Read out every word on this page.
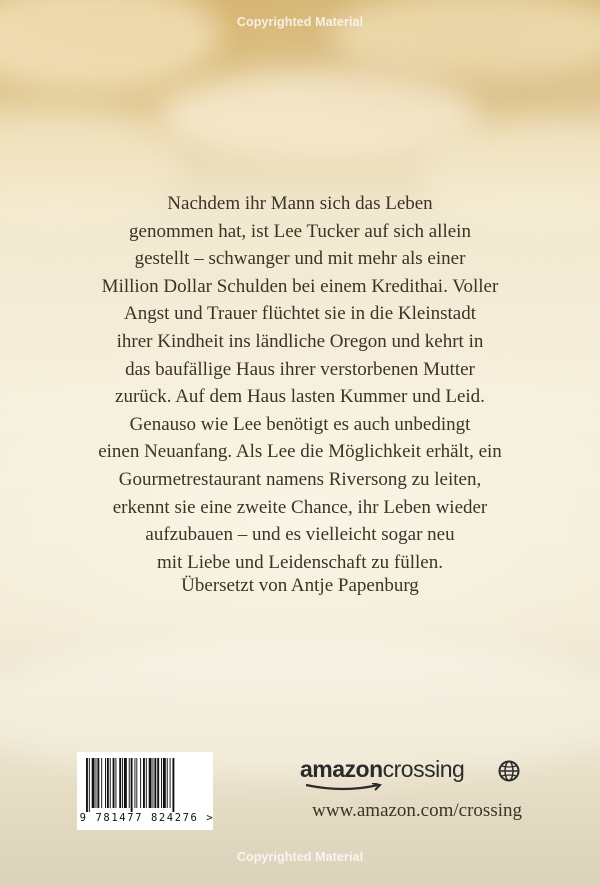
Copyrighted Material

Nachdem ihr Mann sich das Leben
genommen hat, ist Lee Tucker auf sich allein
gestellt – schwanger und mit mehr als einer
Million Dollar Schulden bei einem Kredithai. Voller
Angst und Trauer flüchtet sie in die Kleinstadt
ihrer Kindheit ins ländliche Oregon und kehrt in
das baufällige Haus ihrer verstorbenen Mutter
zurück. Auf dem Haus lasten Kummer und Leid.
Genauso wie Lee benötigt es auch unbedingt
einen Neuanfang. Als Lee die Möglichkeit erhält, ein
Gourmetrestaurant namens Riversong zu leiten,
erkennt sie eine zweite Chance, ihr Leben wieder
aufzubauen – und es vielleicht sogar neu
mit Liebe und Leidenschaft zu füllen.

Übersetzt von Antje Papenburg

9 781477 824276 >
amazoncrossing
www.amazon.com/crossing
Copyrighted Material
